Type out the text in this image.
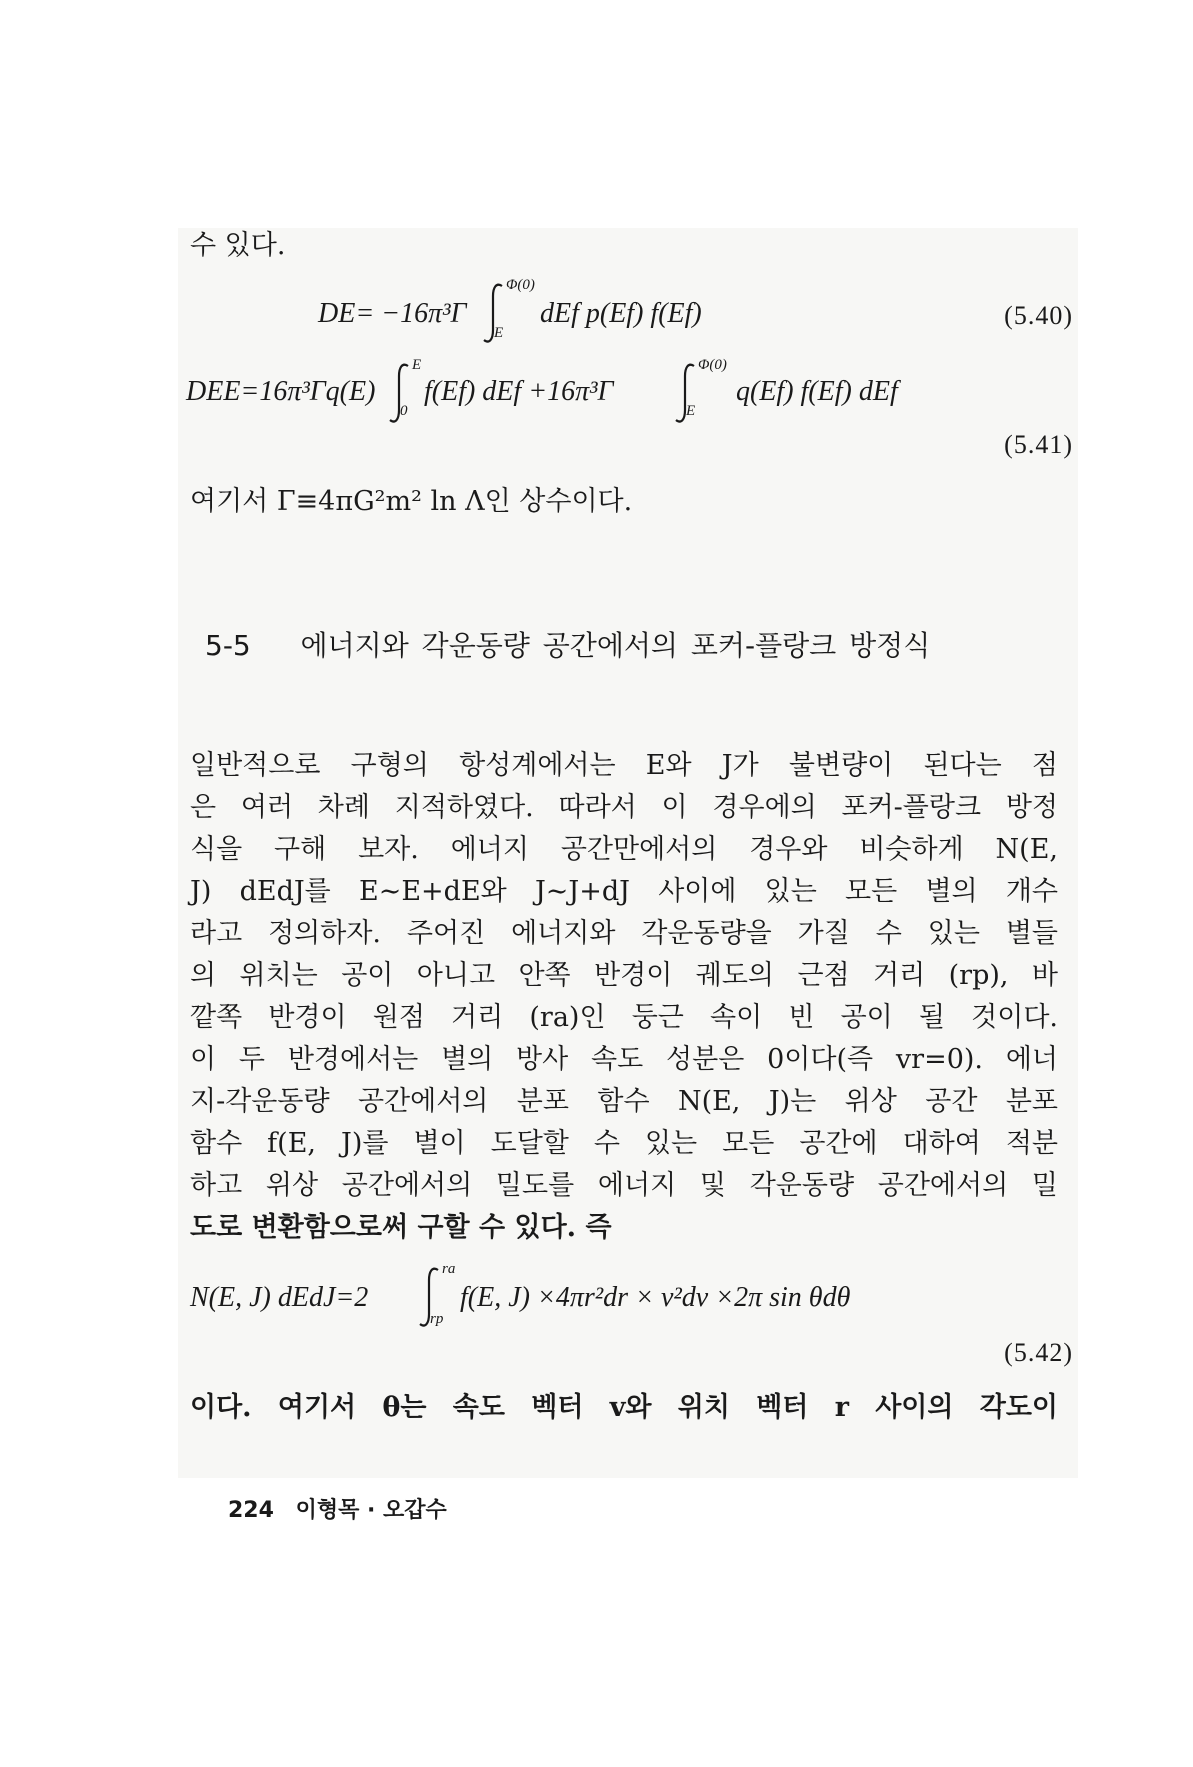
수 있다.
DE= −16π³Γ
Φ(0)
E
dEf p(Ef) f(Ef)	(5.40)
DEE=16π³Γq(E)
E
0
f(Ef) dEf +16π³Γ
Φ(0)
E
q(Ef) f(Ef) dEf
(5.41)
여기서 Γ≡4πG²m² ln Λ인 상수이다.
5-5 에너지와 각운동량 공간에서의 포커-플랑크 방정식
일반적으로 구형의 항성계에서는 E와 J가 불변량이 된다는 점
은 여러 차례 지적하였다. 따라서 이 경우에의 포커-플랑크 방정
식을 구해 보자. 에너지 공간만에서의 경우와 비슷하게 N(E,
J) dEdJ를 E∼E+dE와 J∼J+dJ 사이에 있는 모든 별의 개수
라고 정의하자. 주어진 에너지와 각운동량을 가질 수 있는 별들
의 위치는 공이 아니고 안쪽 반경이 궤도의 근점 거리 (rp), 바
깥쪽 반경이 원점 거리 (ra)인 둥근 속이 빈 공이 될 것이다.
이 두 반경에서는 별의 방사 속도 성분은 0이다(즉 vr=0). 에너
지-각운동량 공간에서의 분포 함수 N(E, J)는 위상 공간 분포
함수 f(E, J)를 별이 도달할 수 있는 모든 공간에 대하여 적분
하고 위상 공간에서의 밀도를 에너지 및 각운동량 공간에서의 밀
도로 변환함으로써 구할 수 있다. 즉
N(E, J) dEdJ=2
ra
rp
f(E, J) ×4πr²dr × v²dv ×2π sin θdθ
(5.42)
이다. 여기서 θ는 속도 벡터 v와 위치 벡터 r 사이의 각도이
224 이형목 · 오갑수
